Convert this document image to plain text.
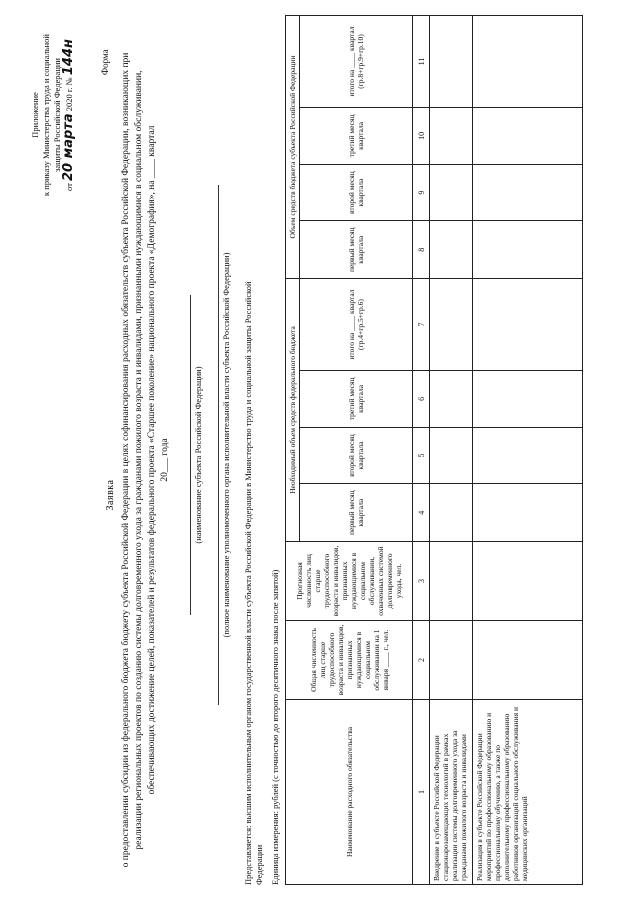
Приложение к приказу Министерства труда и социальной защиты Российской Федерации
от 20 марта 2020 г. № 144н	Форма
Заявка о предоставлении субсидии из федерального бюджета бюджету субъекта Российской Федерации в целях софинансирования расходных обязательств субъекта Российской Федерации, возникающих при реализации региональных проектов по созданию системы долговременного ухода за гражданами пожилого возраста и инвалидами, признанными нуждающимися в социальном обслуживании, обеспечивающих достижение целей, показателей и результатов федерального проекта «Старшее поколение» национального проекта «Демография», на ____ квартал 20___ года	(наименование субъекта Российской Федерации) (полное наименование уполномоченного органа исполнительной власти субъекта Российской Федерации) Представляется: высшим исполнительным органом государственной власти субъекта Российской Федерации в Министерство труда и социальной защиты Российской Федерации Единица измерения: рублей (с точностью до второго десятичного знака после запятой)	Наименование расходного обязательства	Общая численность лиц старше трудоспособного возраста и инвалидов, признанных нуждающимися в социальном обслуживании на 1 января ____ г., чел.	Прогнозная численность лиц старше трудоспособного возраста и инвалидов, признанных нуждающимися в социальном обслуживании, охваченных системой долговременного ухода, чел.	Необходимый объем средств федерального бюджета				Объем средств бюджета субъекта Российской Федерации			
			первый месяц квартала	второй месяц квартала	третий месяц квартала	итого на ____ квартал (гр.4+гр.5+гр.6)	первый месяц квартала	второй месяц квартала	третий месяц квартала	итого на ____ квартал (гр.8+гр.9+гр.10)
1	2	3	4	5	6	7	8	9	10	11
Внедрение в субъекте Российской Федерации стационарозамещающих технологий в рамках реализации системы долговременного ухода за гражданами пожилого возраста и инвалидами										
Реализация в субъекте Российской Федерации мероприятий по профессиональному образованию и профессиональному обучению, а также по дополнительному профессиональному образованию работников организаций социального обслуживания и медицинских организаций										
